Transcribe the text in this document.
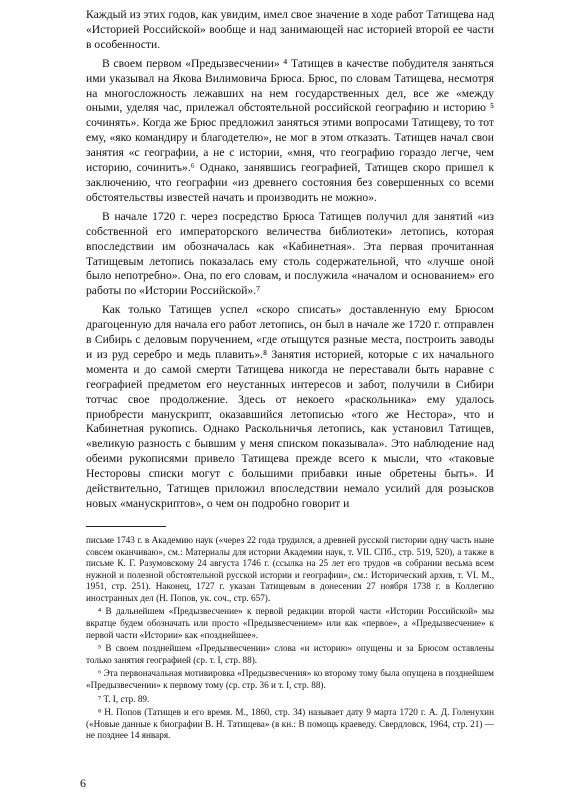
Каждый из этих годов, как увидим, имел свое значение в ходе работ Татищева над «Историей Российской» вообще и над занимающей нас историей второй ее части в особенности.

В своем первом «Предызвесчении» ⁴ Татищев в качестве побудителя заняться ими указывал на Якова Вилимовича Брюса. Брюс, по словам Татищева, несмотря на многосложность лежавших на нем государственных дел, все же «между оными, уделяя час, прилежал обстоятельной российской географию и историю ⁵ сочинять». Когда же Брюс предложил заняться этими вопросами Татищеву, то тот ему, «яко командиру и благодетелю», не мог в этом отказать. Татищев начал свои занятия «с географии, а не с истории, «мня, что географию гораздо легче, чем историю, сочинить».⁶ Однако, занявшись географией, Татищев скоро пришел к заключению, что географии «из древнего состояния без совершенных со всеми обстоятельствы известей начать и производить не можно».

В начале 1720 г. через посредство Брюса Татищев получил для занятий «из собственной его императорского величества библиотеки» летопись, которая впоследствии им обозначалась как «Кабинетная». Эта первая прочитанная Татищевым летопись показалась ему столь содержательной, что «лучше оной было непотребно». Она, по его словам, и послужила «началом и основанием» его работы по «Истории Российской».⁷

Как только Татищев успел «скоро списать» доставленную ему Брюсом драгоценную для начала его работ летопись, он был в начале же 1720 г. отправлен в Сибирь с деловым поручением, «где отыщутся разные места, построить заводы и из руд серебро и медь плавить».⁸ Занятия историей, которые с их начального момента и до самой смерти Татищева никогда не переставали быть наравне с географией предметом его неустанных интересов и забот, получили в Сибири тотчас свое продолжение. Здесь от некоего «раскольника» ему удалось приобрести манускрипт, оказавшийся летописью «того же Нестора», что и Кабинетная рукопись. Однако Раскольничья летопись, как установил Татищев, «великую разность с бывшим у меня списком показывала». Это наблюдение над обеими рукописями привело Татищева прежде всего к мысли, что «таковые Несторовы списки могут с большими прибавки иные обретены быть». И действительно, Татищев приложил впоследствии немало усилий для розысков новых «манускриптов», о чем он подробно говорит и

письме 1743 г. в Академию наук («через 22 года трудился, а древней русской гистории одну часть ныне совсем оканчиваю», см.: Материалы для истории Академии наук, т. VII. СПб., стр. 519, 520), а также в письме К. Г. Разумовскому 24 августа 1746 г. (ссылка на 25 лет его трудов «в собрании весьма всем нужной и полезной обстоятельной русской истории и географии», см.: Исторический архив, т. VI. М., 1951, стр. 251). Наконец, 1727 г. указан Татищевым в донесении 27 ноября 1738 г. в Коллегию иностранных дел (Н. Попов, ук. соч., стр. 657).

⁴ В дальнейшем «Предызвесчение» к первой редакции второй части «Истории Российской» мы вкратце будем обозначать или просто «Предызвесчением» или как «первое», а «Предызвесчение» к первой части «Истории» как «позднейшее».

⁵ В своем позднейшем «Предызвесчении» слова «и историю» опущены и за Брюсом оставлены только занятия географией (ср. т. I, стр. 88).

⁶ Эта первоначальная мотивировка «Предызвесчения» ко второму тому была опущена в позднейшем «Предызвесчении» к первому тому (ср. стр. 36 и т. I, стр. 88).

⁷ Т. I, стр. 89.

⁸ Н. Попов (Татищев и его время. М., 1860, стр. 34) называет дату 9 марта 1720 г. А. Д. Голенухин («Новые данные к биографии В. Н. Татищева» (в кн.: В помощь краеведу. Свердловск, 1964, стр. 21) — не позднее 14 января.

6
